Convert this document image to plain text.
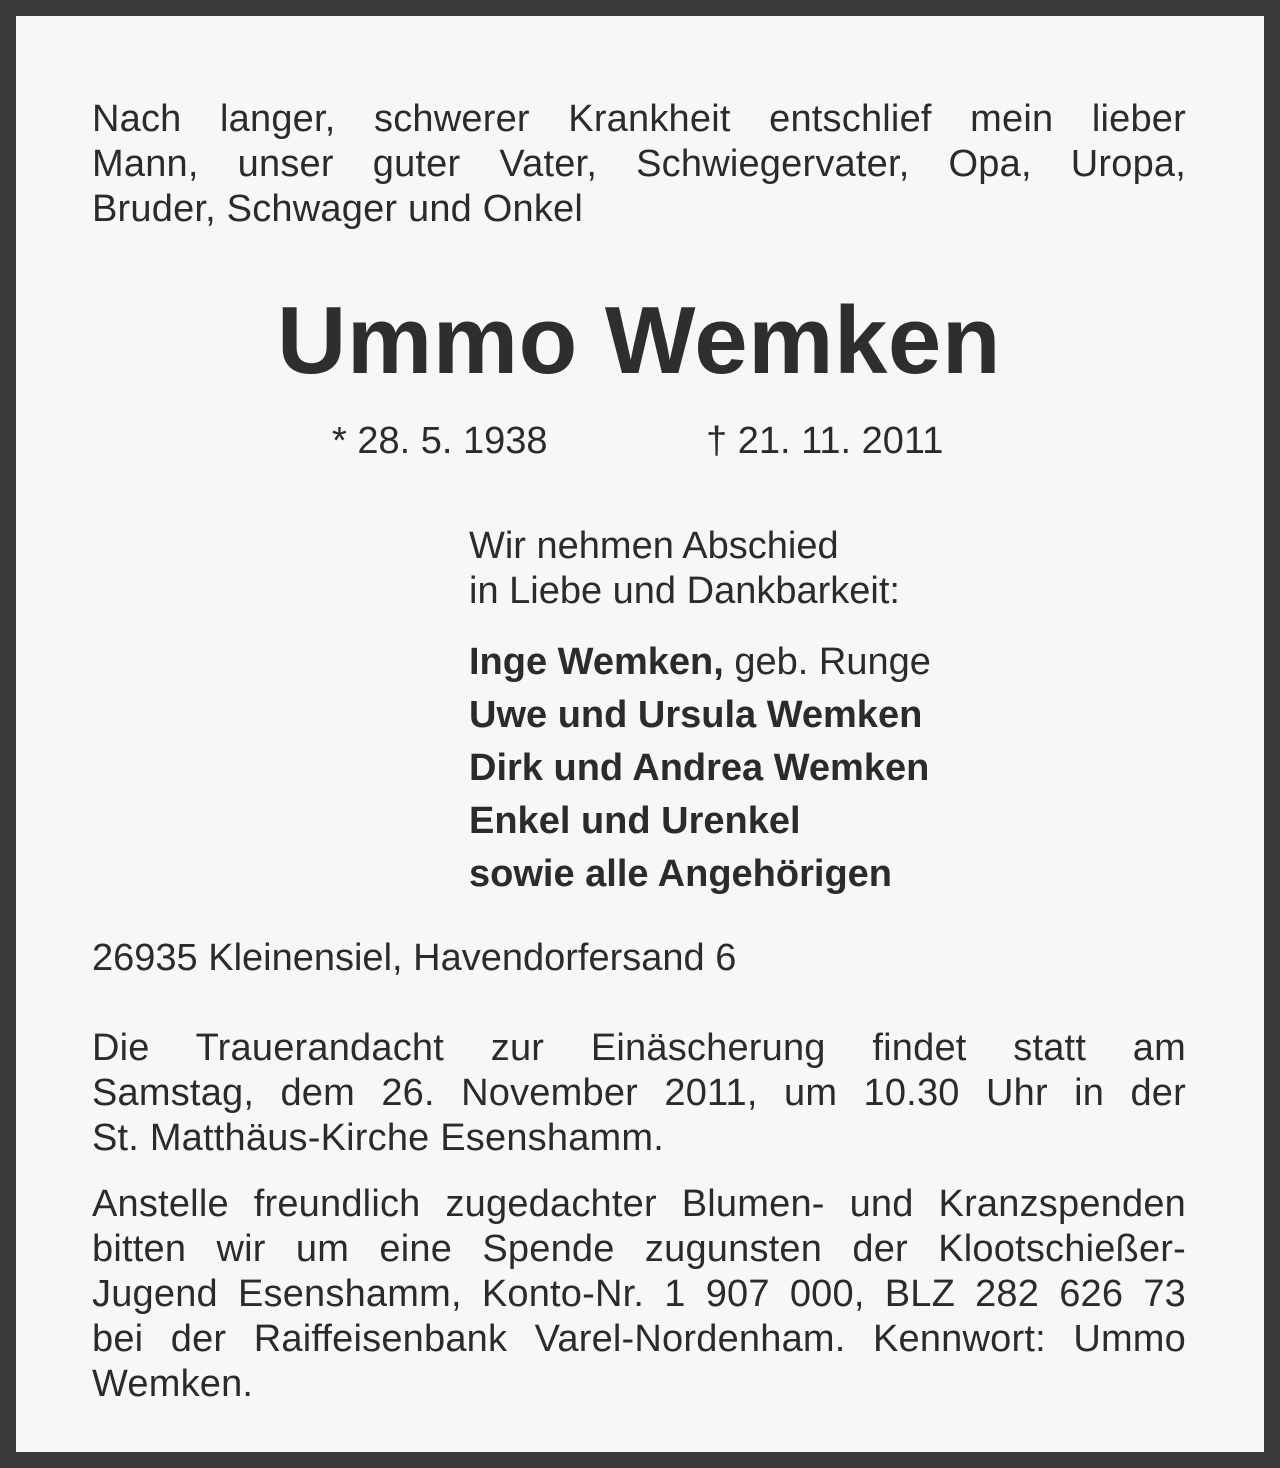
Nach langer, schwerer Krankheit entschlief mein lieber
Mann, unser guter Vater, Schwiegervater, Opa, Uropa,
Bruder, Schwager und Onkel
Ummo Wemken
* 28. 5. 1938	† 21. 11. 2011
Wir nehmen Abschied
in Liebe und Dankbarkeit:
Inge Wemken, geb. Runge
Uwe und Ursula Wemken
Dirk und Andrea Wemken
Enkel und Urenkel
sowie alle Angehörigen
26935 Kleinensiel, Havendorfersand 6
Die Trauerandacht zur Einäscherung findet statt am
Samstag, dem 26. November 2011, um 10.30 Uhr in der
St. Matthäus-Kirche Esenshamm.
Anstelle freundlich zugedachter Blumen- und Kranzspenden
bitten wir um eine Spende zugunsten der Klootschießer-
Jugend Esenshamm, Konto-Nr. 1 907 000, BLZ 282 626 73
bei der Raiffeisenbank Varel-Nordenham. Kennwort: Ummo
Wemken.
